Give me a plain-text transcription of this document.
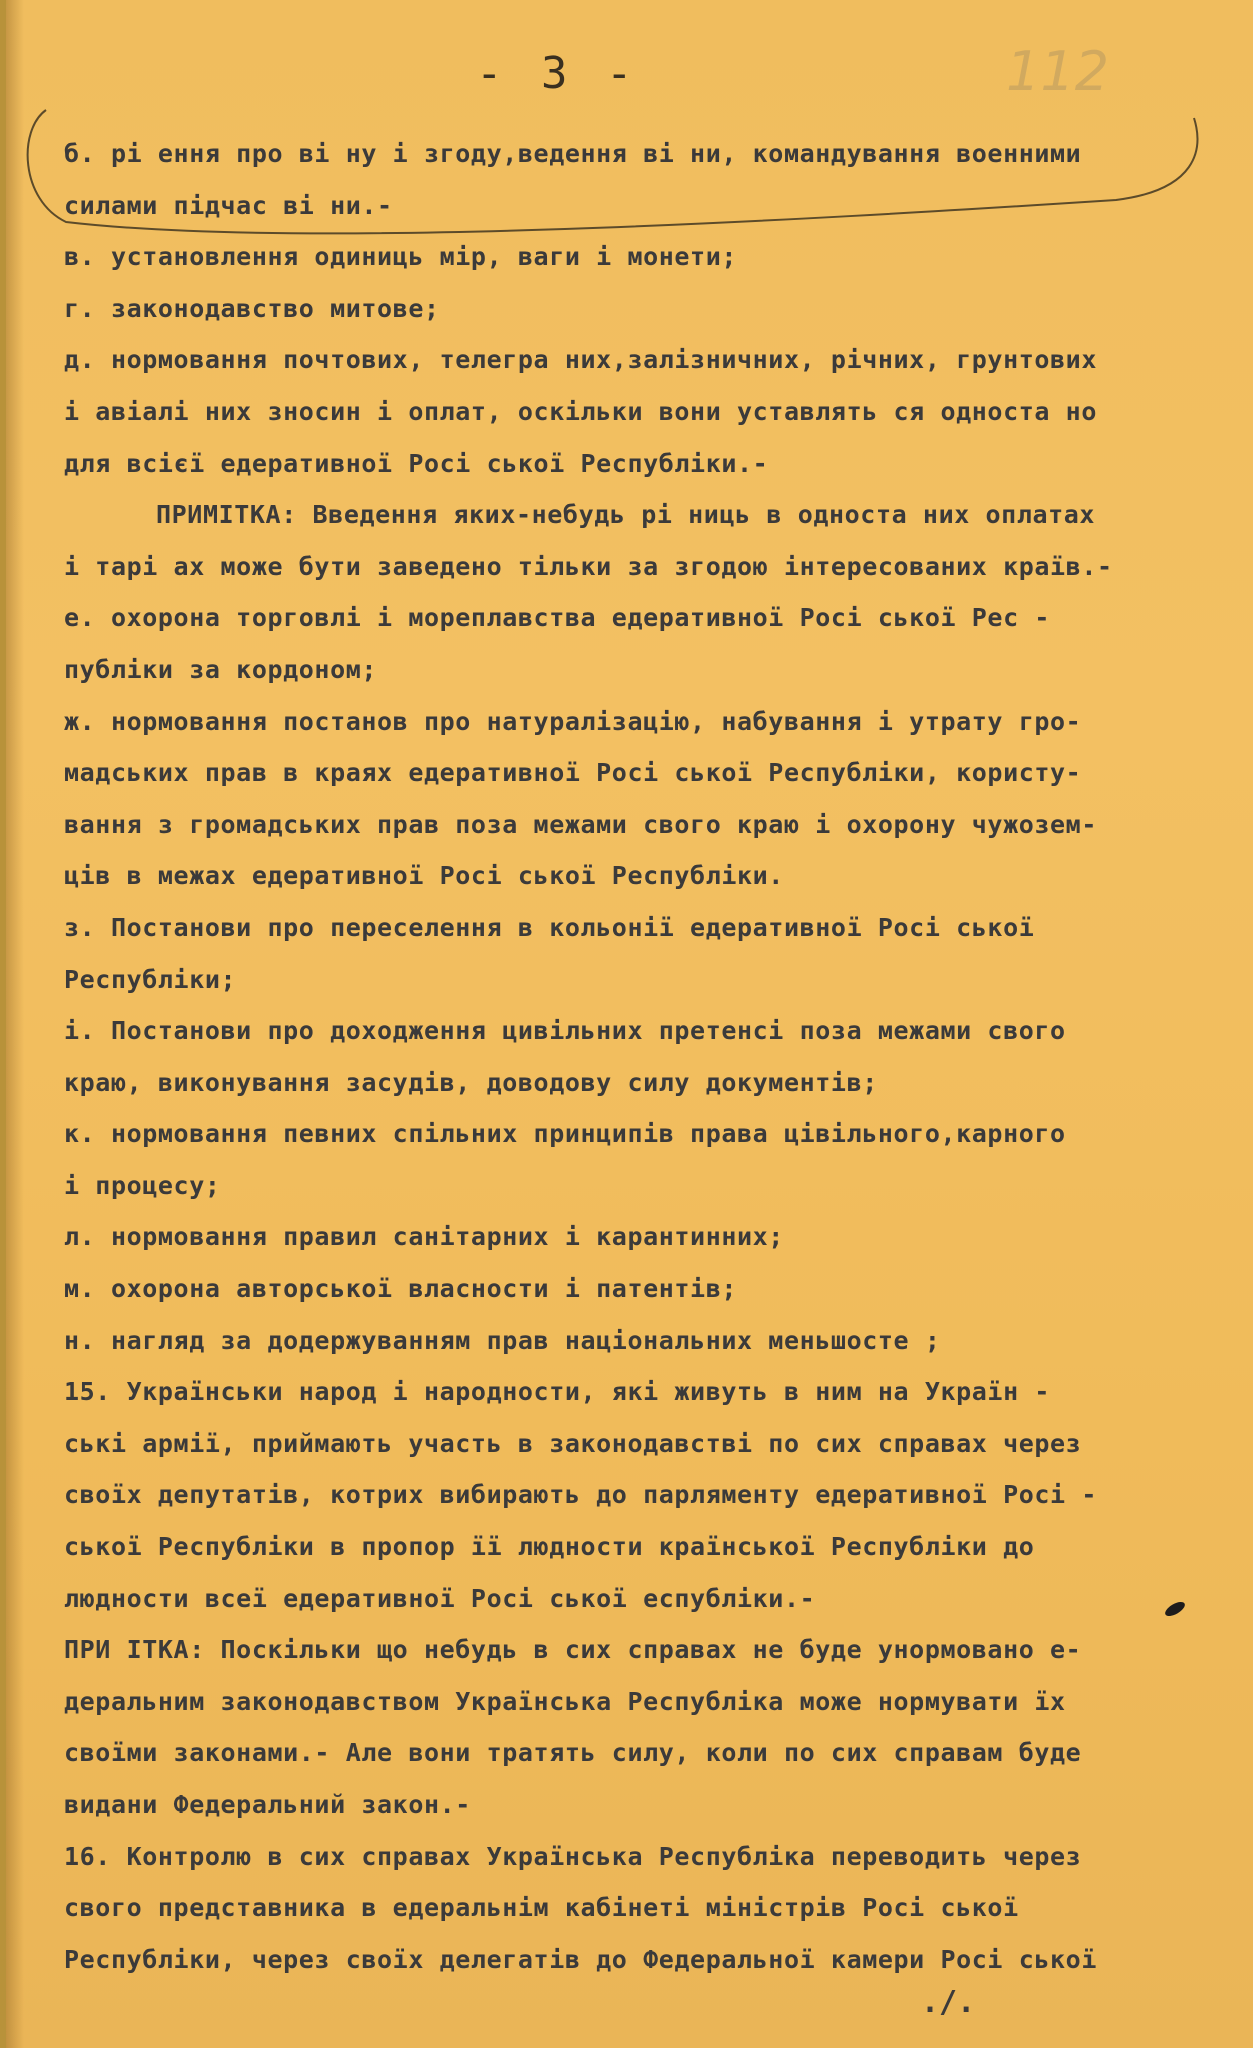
- 3 -	112
б. рі ення про ві ну і згоду,ведення ві ни, командування военними
силами підчас ві ни.-
в. установлення одиниць мір, ваги і монети;
г. законодавство митове;
д. нормовання почтових, телегра них,залізничних, річних, грунтових
і авіалі них зносин і оплат, оскільки вони уставлять ся одностa но
для всієї едеративної Росі ської Республіки.-
ПРИМІТКА: Введення яких-небудь рі ниць в односта них оплатах
і тарі ах може бути заведено тільки за згодою інтересованих країв.-
е. охорона торговлі і мореплавства едеративної Росі ської Рес -
публіки за кордоном;
ж. нормовання постанов про натуралізацію, набування і утрату гро-
мадських прав в краях едеративної Росі ської Республіки, користу-
вання з громадських прав поза межами свого краю і охорону чужозем-
ців в межах едеративної Росі ської Республіки.
з. Постанови про переселення в кольонії едеративної Росі ської
Республіки;
і. Постанови про доходження цивільних претенсі поза межами свого
краю, виконування засудів, доводову силу документів;
к. нормовання певних спільних принципів права цівільного,карного
і процесу;
л. нормовання правил санітарних і карантинних;
м. охорона авторської власности і патентів;
н. нагляд за додержуванням прав національних меньшосте ;
15. Українськи народ і народности, які живуть в ним на Україн -
ські армії, приймають участь в законодавстві по сих справах через
своїх депутатів, котрих вибирають до парляменту едеративної Росі -
ської Республіки в пропор її людности країнської Республіки до
людности всеї едеративної Росі ської еспубліки.-
ПРИ ІТКА: Поскільки що небудь в сих справах не буде унормовано е-
деральним законодавством Українська Республіка може нормувати їх
своїми законами.- Але вони тратять силу, коли по сих справам буде
видани Федеральний закон.-
16. Контролю в сих справах Українська Республіка переводить через
свого представника в едеральнім кабінеті міністрів Росі ської
Республіки, через своїх делегатів до Федеральної камери Росі ської
./.
